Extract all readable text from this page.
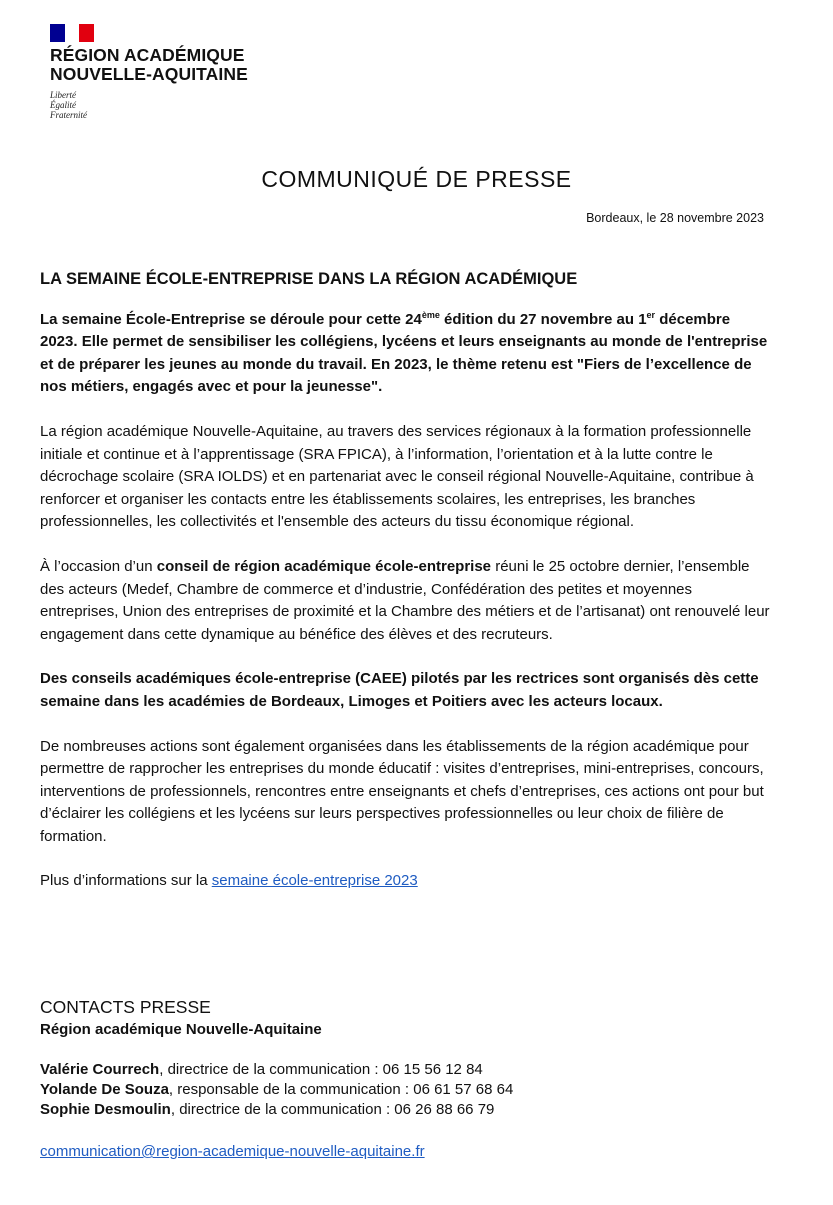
RÉGION ACADÉMIQUE
NOUVELLE-AQUITAINE
Liberté
Égalité
Fraternité
COMMUNIQUÉ DE PRESSE
Bordeaux, le 28 novembre 2023
LA SEMAINE ÉCOLE-ENTREPRISE DANS LA RÉGION ACADÉMIQUE

La semaine École-Entreprise se déroule pour cette 24ème édition du 27 novembre au 1er décembre 2023. Elle permet de sensibiliser les collégiens, lycéens et leurs enseignants au monde de l'entreprise et de préparer les jeunes au monde du travail. En 2023, le thème retenu est "Fiers de l’excellence de nos métiers, engagés avec et pour la jeunesse".

La région académique Nouvelle-Aquitaine, au travers des services régionaux à la formation professionnelle initiale et continue et à l’apprentissage (SRA FPICA), à l’information, l’orientation et à la lutte contre le décrochage scolaire (SRA IOLDS) et en partenariat avec le conseil régional Nouvelle-Aquitaine, contribue à renforcer et organiser les contacts entre les établissements scolaires, les entreprises, les branches professionnelles, les collectivités et l'ensemble des acteurs du tissu économique régional.

À l’occasion d’un conseil de région académique école-entreprise réuni le 25 octobre dernier, l’ensemble des acteurs (Medef, Chambre de commerce et d’industrie, Confédération des petites et moyennes entreprises, Union des entreprises de proximité et la Chambre des métiers et de l’artisanat) ont renouvelé leur engagement dans cette dynamique au bénéfice des élèves et des recruteurs.

Des conseils académiques école-entreprise (CAEE) pilotés par les rectrices sont organisés dès cette semaine dans les académies de Bordeaux, Limoges et Poitiers avec les acteurs locaux.

De nombreuses actions sont également organisées dans les établissements de la région académique pour permettre de rapprocher les entreprises du monde éducatif : visites d’entreprises, mini-entreprises, concours, interventions de professionnels, rencontres entre enseignants et chefs d’entreprises, ces actions ont pour but d’éclairer les collégiens et les lycéens sur leurs perspectives professionnelles ou leur choix de filière de formation.

Plus d’informations sur la semaine école-entreprise 2023

CONTACTS PRESSE
Région académique Nouvelle-Aquitaine
Valérie Courrech, directrice de la communication : 06 15 56 12 84
Yolande De Souza, responsable de la communication : 06 61 57 68 64
Sophie Desmoulin, directrice de la communication : 06 26 88 66 79
communication@region-academique-nouvelle-aquitaine.fr
